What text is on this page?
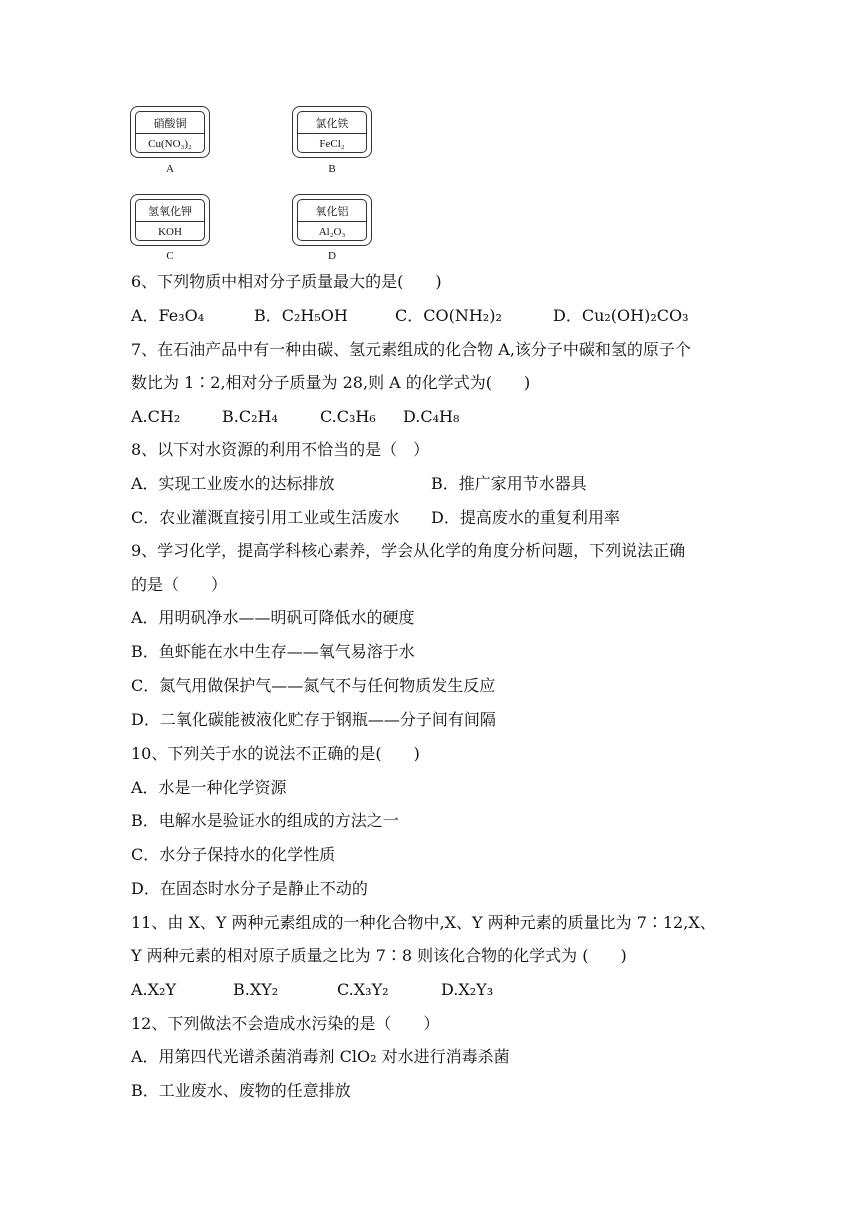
硝酸铜
Cu(NO₃)₂
A
氯化铁
FeCl₂
B
氢氧化钾
KOH
C
氧化铝
Al₂O₃
D
6、下列物质中相对分子质量最大的是(　　)
A．Fe₃O₄	B．C₂H₅OH	C．CO(NH₂)₂	D．Cu₂(OH)₂CO₃
7、在石油产品中有一种由碳、氢元素组成的化合物 A,该分子中碳和氢的原子个
数比为 1∶2,相对分子质量为 28,则 A 的化学式为(　　)
A.CH₂	B.C₂H₄	C.C₃H₆ D.C₄H₈
8、以下对水资源的利用不恰当的是（　）
A．实现工业废水的达标排放	B．推广家用节水器具
C．农业灌溉直接引用工业或生活废水 D．提高废水的重复利用率
9、学习化学，提高学科核心素养，学会从化学的角度分析问题，下列说法正确
的是（　　）
A．用明矾净水——明矾可降低水的硬度
B．鱼虾能在水中生存——氧气易溶于水
C．氮气用做保护气——氮气不与任何物质发生反应
D．二氧化碳能被液化贮存于钢瓶——分子间有间隔
10、下列关于水的说法不正确的是(　　)
A．水是一种化学资源
B．电解水是验证水的组成的方法之一
C．水分子保持水的化学性质
D．在固态时水分子是静止不动的
11、由 X、Y 两种元素组成的一种化合物中,X、Y 两种元素的质量比为 7∶12,X、
Y 两种元素的相对原子质量之比为 7∶8 则该化合物的化学式为 (　　)
A.X₂Y	B.XY₂	C.X₃Y₂	D.X₂Y₃
12、下列做法不会造成水污染的是（　　）
A．用第四代光谱杀菌消毒剂 ClO₂ 对水进行消毒杀菌
B．工业废水、废物的任意排放
